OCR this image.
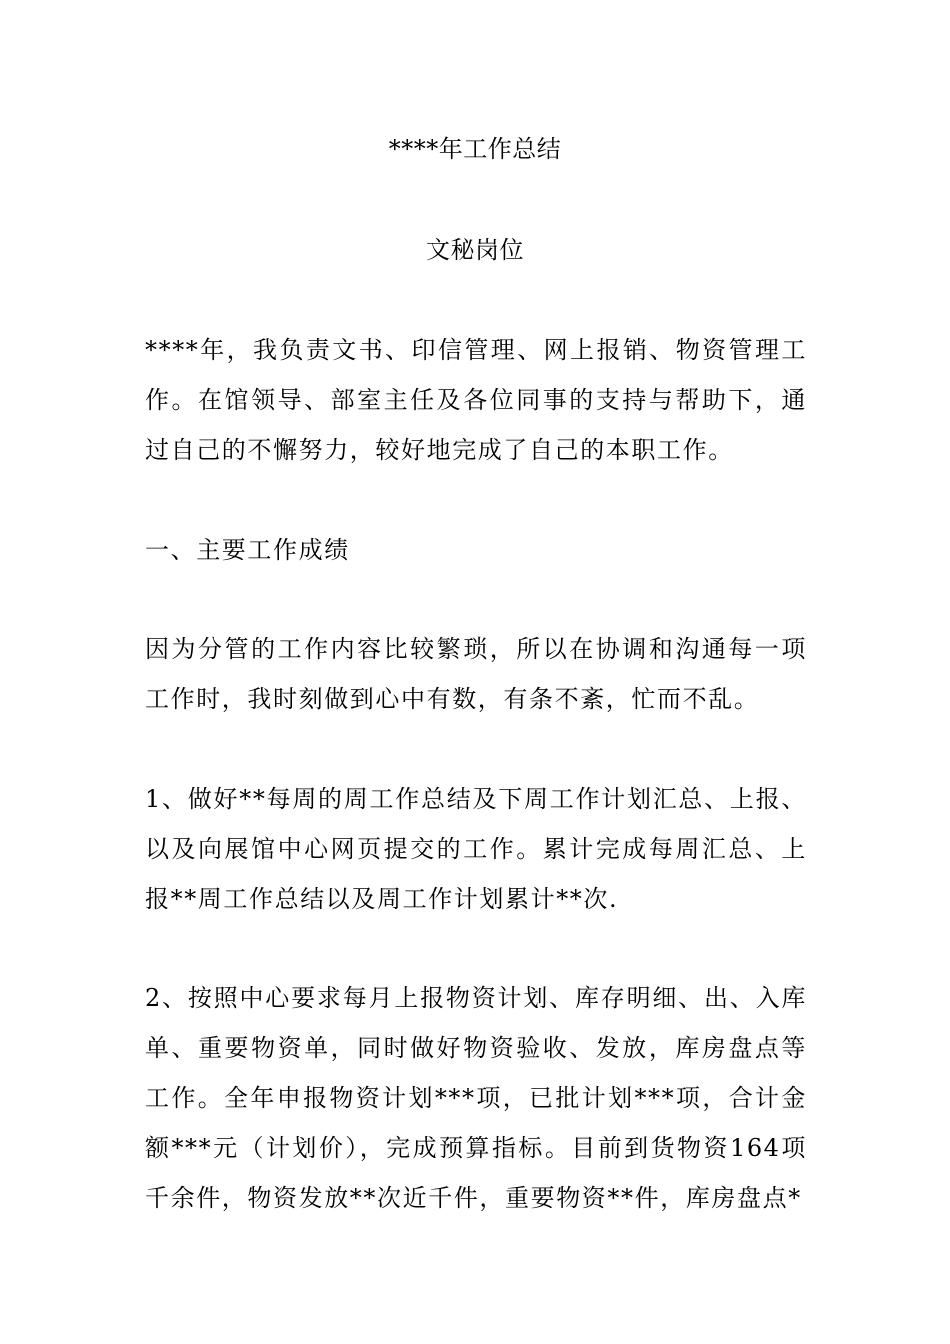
****年工作总结
文秘岗位

****年，我负责文书、印信管理、网上报销、物资管理工作。在馆领导、部室主任及各位同事的支持与帮助下，通过自己的不懈努力，较好地完成了自己的本职工作。

一、主要工作成绩

因为分管的工作内容比较繁琐，所以在协调和沟通每一项工作时，我时刻做到心中有数，有条不紊，忙而不乱。

1、做好**每周的周工作总结及下周工作计划汇总、上报、以及向展馆中心网页提交的工作。累计完成每周汇总、上报**周工作总结以及周工作计划累计**次.

2、按照中心要求每月上报物资计划、库存明细、出、入库单、重要物资单，同时做好物资验收、发放，库房盘点等工作。全年申报物资计划***项，已批计划***项，合计金额***元（计划价），完成预算指标。目前到货物资164项千余件，物资发放**次近千件，重要物资**件，库房盘点*
